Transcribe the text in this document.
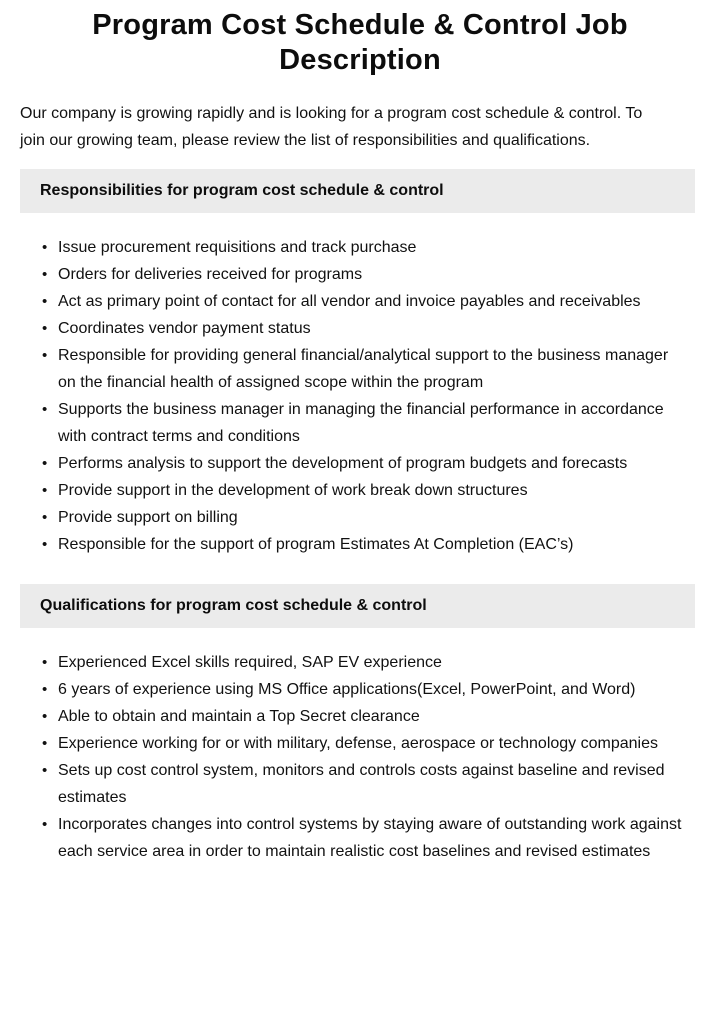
Program Cost Schedule & Control Job Description

Our company is growing rapidly and is looking for a program cost schedule & control. To join our growing team, please review the list of responsibilities and qualifications.

Responsibilities for program cost schedule & control
• Issue procurement requisitions and track purchase
• Orders for deliveries received for programs
• Act as primary point of contact for all vendor and invoice payables and receivables
• Coordinates vendor payment status
• Responsible for providing general financial/analytical support to the business manager on the financial health of assigned scope within the program
• Supports the business manager in managing the financial performance in accordance with contract terms and conditions
• Performs analysis to support the development of program budgets and forecasts
• Provide support in the development of work break down structures
• Provide support on billing
• Responsible for the support of program Estimates At Completion (EAC’s)
Qualifications for program cost schedule & control
• Experienced Excel skills required, SAP EV experience
• 6 years of experience using MS Office applications(Excel, PowerPoint, and Word)
• Able to obtain and maintain a Top Secret clearance
• Experience working for or with military, defense, aerospace or technology companies
• Sets up cost control system, monitors and controls costs against baseline and revised estimates
• Incorporates changes into control systems by staying aware of outstanding work against each service area in order to maintain realistic cost baselines and revised estimates
